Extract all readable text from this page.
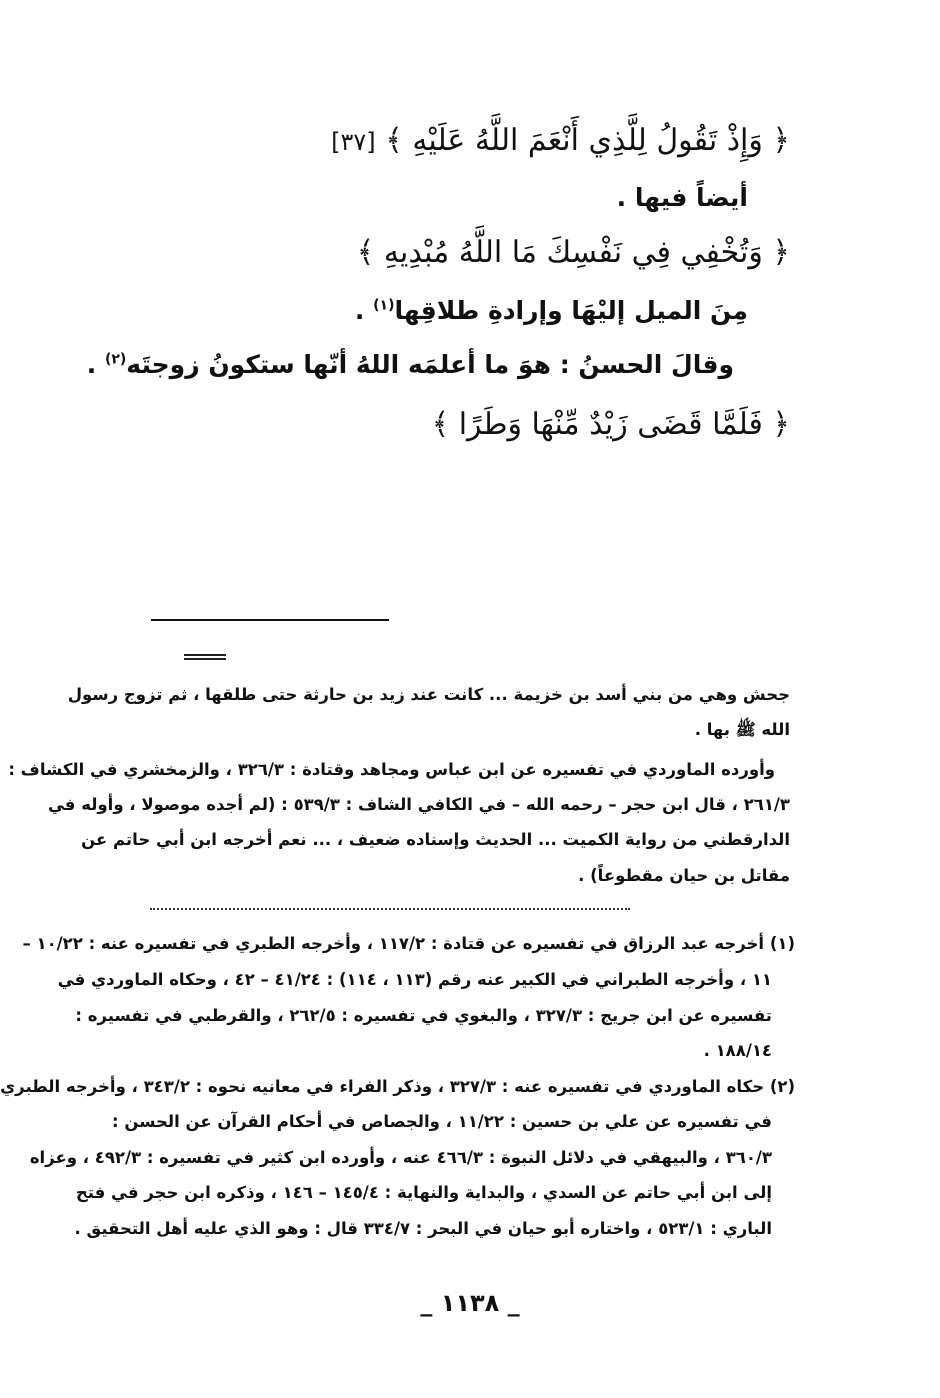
﴿ وَإِذْ تَقُولُ لِلَّذِي أَنْعَمَ اللَّهُ عَلَيْهِ ﴾ [٣٧]
أيضاً فيها .
﴿ وَتُخْفِي فِي نَفْسِكَ مَا اللَّهُ مُبْدِيهِ ﴾
مِنَ الميل إليْهَا وإرادةِ طلاقِها$^{(١)}$ .
وقالَ الحسنُ : هوَ ما أعلمَه اللهُ أنّها ستكونُ زوجتَه$^{(٢)}$ .
﴿ فَلَمَّا قَضَى زَيْدٌ مِّنْهَا وَطَرًا ﴾
جحش وهي من بني أسد بن خزيمة ... كانت عند زيد بن حارثة حتى طلقها ، ثم تزوج رسول
الله ﷺ بها .
وأورده الماوردي في تفسيره عن ابن عباس ومجاهد وقتادة : ٣٢٦/٣ ، والزمخشري في الكشاف :
٢٦١/٣ ، قال ابن حجر – رحمه الله – في الكافي الشاف : ٥٣٩/٣ : (لم أجده موصولا ، وأوله في
الدارقطني من رواية الكميت ... الحديث وإسناده ضعيف ، ... نعم أخرجه ابن أبي حاتم عن
مقاتل بن حيان مقطوعاً) .
(١) أخرجه عبد الرزاق في تفسيره عن قتادة : ١١٧/٢ ، وأخرجه الطبري في تفسيره عنه : ١٠/٢٢ –
١١ ، وأخرجه الطبراني في الكبير عنه رقم (١١٣ ، ١١٤) : ٤١/٢٤ – ٤٢ ، وحكاه الماوردي في
تفسيره عن ابن جريج : ٣٢٧/٣ ، والبغوي في تفسيره : ٢٦٢/٥ ، والقرطبي في تفسيره :
١٨٨/١٤ .
(٢) حكاه الماوردي في تفسيره عنه : ٣٢٧/٣ ، وذكر الفراء في معانيه نحوه : ٣٤٣/٢ ، وأخرجه الطبري
في تفسيره عن علي بن حسين : ١١/٢٢ ، والجصاص في أحكام القرآن عن الحسن :
٣٦٠/٣ ، والبيهقي في دلائل النبوة : ٤٦٦/٣ عنه ، وأورده ابن كثير في تفسيره : ٤٩٢/٣ ، وعزاه
إلى ابن أبي حاتم عن السدي ، والبداية والنهاية : ١٤٥/٤ – ١٤٦ ، وذكره ابن حجر في فتح
الباري : ٥٢٣/١ ، واختاره أبو حيان في البحر : ٣٣٤/٧ قال : وهو الذي عليه أهل التحقيق .
_ ١١٣٨ _
